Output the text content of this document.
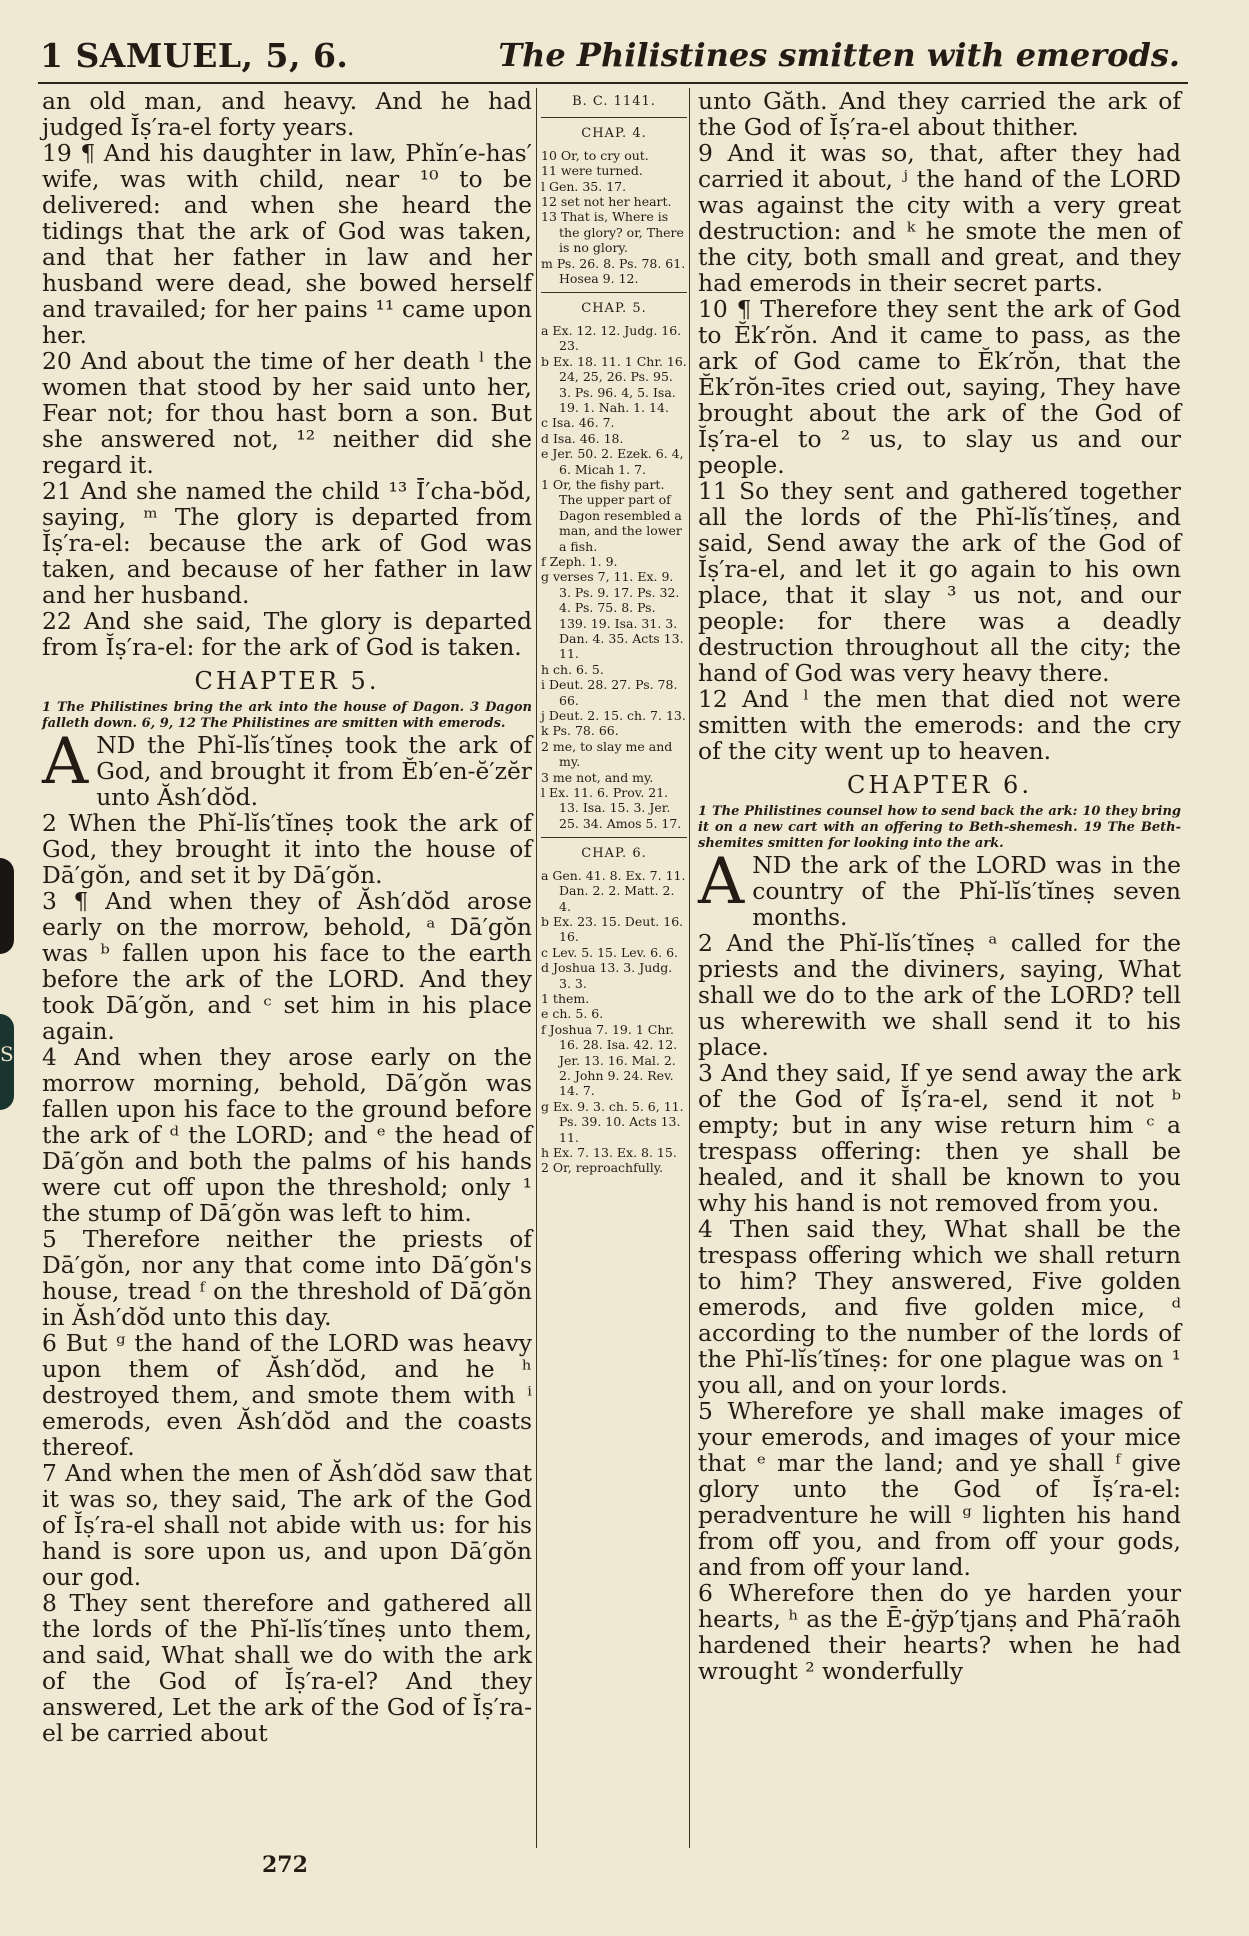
1 SAMUEL, 5, 6.	The Philistines smitten with emerods.
S

an old man, and heavy. And he had judged Ĭṣ′ra-el forty years.

19 ¶ And his daughter in law, Phĭn′e-has′ wife, was with child, near ¹⁰ to be delivered: and when she heard the tidings that the ark of God was taken, and that her father in law and her husband were dead, she bowed herself and travailed; for her pains ¹¹ came upon her.

20 And about the time of her death ˡ the women that stood by her said unto her, Fear not; for thou hast born a son. But she answered not, ¹² neither did she regard it.

21 And she named the child ¹³ Ī′cha-bŏd, saying, ᵐ The glory is departed from Ĭṣ′ra-el: because the ark of God was taken, and because of her father in law and her husband.

22 And she said, The glory is departed from Ĭṣ′ra-el: for the ark of God is taken.

CHAPTER 5.

1 The Philistines bring the ark into the house of Dagon. 3 Dagon falleth down. 6, 9, 12 The Philistines are smitten with emerods.

AND the Phĭ-lĭs′tĭneṣ took the ark of God, and brought it from Ĕb′en-ĕ′zĕr unto Ăsh′dŏd.

2 When the Phĭ-lĭs′tĭneṣ took the ark of God, they brought it into the house of Dā′gŏn, and set it by Dā′gŏn.

3 ¶ And when they of Ăsh′dŏd arose early on the morrow, behold, ᵃ Dā′gŏn was ᵇ fallen upon his face to the earth before the ark of the LORD. And they took Dā′gŏn, and ᶜ set him in his place again.

4 And when they arose early on the morrow morning, behold, Dā′gŏn was fallen upon his face to the ground before the ark of ᵈ the LORD; and ᵉ the head of Dā′gŏn and both the palms of his hands were cut off upon the threshold; only ¹ the stump of Dā′gŏn was left to him.

5 Therefore neither the priests of Dā′gŏn, nor any that come into Dā′gŏn's house, tread ᶠ on the threshold of Dā′gŏn in Ăsh′dŏd unto this day.

6 But ᵍ the hand of the LORD was heavy upon them of Ăsh′dŏd, and he ʰ destroyed them, and smote them with ⁱ emerods, even Ăsh′dŏd and the coasts thereof.

7 And when the men of Ăsh′dŏd saw that it was so, they said, The ark of the God of Ĭṣ′ra-el shall not abide with us: for his hand is sore upon us, and upon Dā′gŏn our god.

8 They sent therefore and gathered all the lords of the Phĭ-lĭs′tĭneṣ unto them, and said, What shall we do with the ark of the God of Ĭṣ′ra-el? And they answered, Let the ark of the God of Ĭṣ′ra-el be carried about

B. C. 1141.
CHAP. 4.

10 Or, to cry out.

11 were turned.

l Gen. 35. 17.

12 set not her heart.

13 That is, Where is the glory? or, There is no glory.

m Ps. 26. 8. Ps. 78. 61. Hosea 9. 12.

CHAP. 5.

a Ex. 12. 12. Judg. 16. 23.

b Ex. 18. 11. 1 Chr. 16. 24, 25, 26. Ps. 95. 3. Ps. 96. 4, 5. Isa. 19. 1. Nah. 1. 14.

c Isa. 46. 7.

d Isa. 46. 18.

e Jer. 50. 2. Ezek. 6. 4, 6. Micah 1. 7.

1 Or, the fishy part. The upper part of Dagon resembled a man, and the lower a fish.

f Zeph. 1. 9.

g verses 7, 11. Ex. 9. 3. Ps. 9. 17. Ps. 32. 4. Ps. 75. 8. Ps. 139. 19. Isa. 31. 3. Dan. 4. 35. Acts 13. 11.

h ch. 6. 5.

i Deut. 28. 27. Ps. 78. 66.

j Deut. 2. 15. ch. 7. 13.

k Ps. 78. 66.

2 me, to slay me and my.

3 me not, and my.

l Ex. 11. 6. Prov. 21. 13. Isa. 15. 3. Jer. 25. 34. Amos 5. 17.

CHAP. 6.

a Gen. 41. 8. Ex. 7. 11. Dan. 2. 2. Matt. 2. 4.

b Ex. 23. 15. Deut. 16. 16.

c Lev. 5. 15. Lev. 6. 6.

d Joshua 13. 3. Judg. 3. 3.

1 them.

e ch. 5. 6.

f Joshua 7. 19. 1 Chr. 16. 28. Isa. 42. 12. Jer. 13. 16. Mal. 2. 2. John 9. 24. Rev. 14. 7.

g Ex. 9. 3. ch. 5. 6, 11. Ps. 39. 10. Acts 13. 11.

h Ex. 7. 13. Ex. 8. 15.

2 Or, reproachfully.

unto Găth. And they carried the ark of the God of Ĭṣ′ra-el about thither.

9 And it was so, that, after they had carried it about, ʲ the hand of the LORD was against the city with a very great destruction: and ᵏ he smote the men of the city, both small and great, and they had emerods in their secret parts.

10 ¶ Therefore they sent the ark of God to Ĕk′rŏn. And it came to pass, as the ark of God came to Ĕk′rŏn, that the Ĕk′rŏn-ītes cried out, saying, They have brought about the ark of the God of Ĭṣ′ra-el to ² us, to slay us and our people.

11 So they sent and gathered together all the lords of the Phĭ-lĭs′tĭneṣ, and said, Send away the ark of the God of Ĭṣ′ra-el, and let it go again to his own place, that it slay ³ us not, and our people: for there was a deadly destruction throughout all the city; the hand of God was very heavy there.

12 And ˡ the men that died not were smitten with the emerods: and the cry of the city went up to heaven.

CHAPTER 6.

1 The Philistines counsel how to send back the ark: 10 they bring it on a new cart with an offering to Beth-shemesh. 19 The Beth-shemites smitten for looking into the ark.

AND the ark of the LORD was in the country of the Phĭ-lĭs′tĭneṣ seven months.

2 And the Phĭ-lĭs′tĭneṣ ᵃ called for the priests and the diviners, saying, What shall we do to the ark of the LORD? tell us wherewith we shall send it to his place.

3 And they said, If ye send away the ark of the God of Ĭṣ′ra-el, send it not ᵇ empty; but in any wise return him ᶜ a trespass offering: then ye shall be healed, and it shall be known to you why his hand is not removed from you.

4 Then said they, What shall be the trespass offering which we shall return to him? They answered, Five golden emerods, and five golden mice, ᵈ according to the number of the lords of the Phĭ-lĭs′tĭneṣ: for one plague was on ¹ you all, and on your lords.

5 Wherefore ye shall make images of your emerods, and images of your mice that ᵉ mar the land; and ye shall ᶠ give glory unto the God of Ĭṣ′ra-el: peradventure he will ᵍ lighten his hand from off you, and from off your gods, and from off your land.

6 Wherefore then do ye harden your hearts, ʰ as the Ē-ġўp′tjanṣ and Phā′raōh hardened their hearts? when he had wrought ² wonderfully

272
